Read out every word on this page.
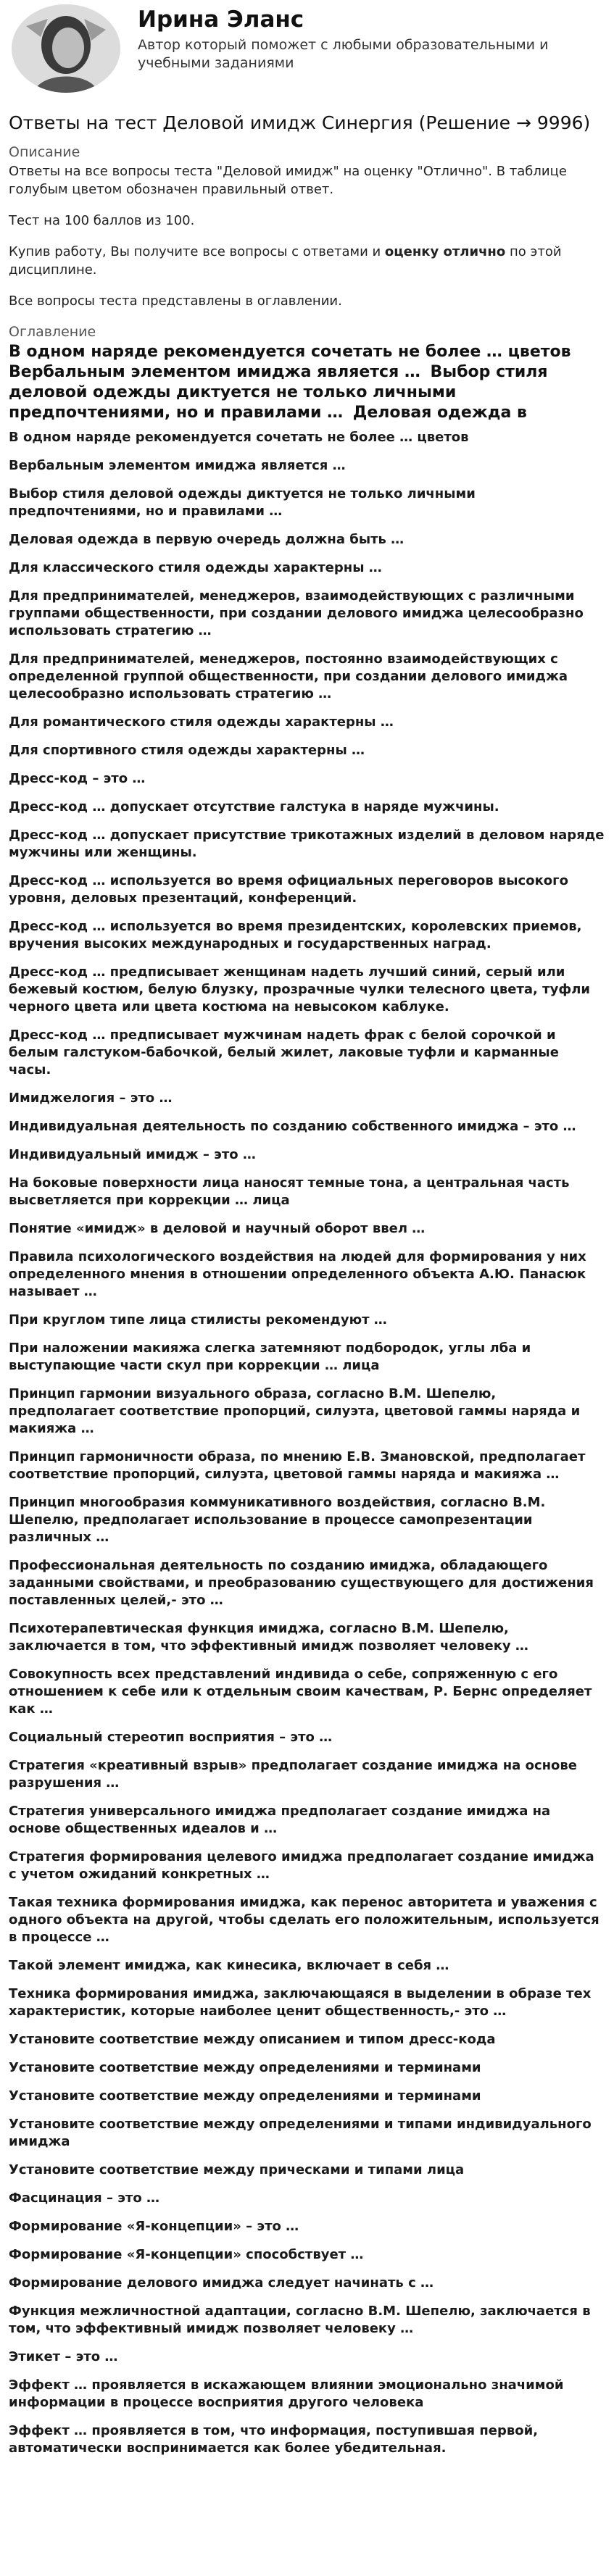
Ирина Эланс
Автор который поможет с любыми образовательными и учебными заданиями
Ответы на тест Деловой имидж Синергия (Решение → 9996)
Описание
Ответы на все вопросы теста "Деловой имидж" на оценку "Отлично". В таблице голубым цветом обозначен правильный ответ.
Тест на 100 баллов из 100.
Купив работу, Вы получите все вопросы с ответами и оценку отлично по этой дисциплине.
Все вопросы теста представлены в оглавлении.
Оглавление
В одном наряде рекомендуется сочетать не более … цветов Вербальным элементом имиджа является … Выбор стиля деловой одежды диктуется не только личными предпочтениями, но и правилами … Деловая одежда в
В одном наряде рекомендуется сочетать не более … цветов
Вербальным элементом имиджа является …
Выбор стиля деловой одежды диктуется не только личными предпочтениями, но и правилами …
Деловая одежда в первую очередь должна быть …
Для классического стиля одежды характерны …
Для предпринимателей, менеджеров, взаимодействующих с различными группами общественности, при создании делового имиджа целесообразно использовать стратегию …
Для предпринимателей, менеджеров, постоянно взаимодействующих с определенной группой общественности, при создании делового имиджа целесообразно использовать стратегию …
Для романтического стиля одежды характерны …
Для спортивного стиля одежды характерны …
Дресс-код – это …
Дресс-код … допускает отсутствие галстука в наряде мужчины.
Дресс-код … допускает присутствие трикотажных изделий в деловом наряде мужчины или женщины.
Дресс-код … используется во время официальных переговоров высокого уровня, деловых презентаций, конференций.
Дресс-код … используется во время президентских, королевских приемов, вручения высоких международных и государственных наград.
Дресс-код … предписывает женщинам надеть лучший синий, серый или бежевый костюм, белую блузку, прозрачные чулки телесного цвета, туфли черного цвета или цвета костюма на невысоком каблуке.
Дресс-код … предписывает мужчинам надеть фрак с белой сорочкой и белым галстуком-бабочкой, белый жилет, лаковые туфли и карманные часы.
Имиджелогия – это …
Индивидуальная деятельность по созданию собственного имиджа – это …
Индивидуальный имидж – это …
На боковые поверхности лица наносят темные тона, а центральная часть высветляется при коррекции … лица
Понятие «имидж» в деловой и научный оборот ввел …
Правила психологического воздействия на людей для формирования у них определенного мнения в отношении определенного объекта А.Ю. Панасюк называет …
При круглом типе лица стилисты рекомендуют …
При наложении макияжа слегка затемняют подбородок, углы лба и выступающие части скул при коррекции … лица
Принцип гармонии визуального образа, согласно В.М. Шепелю, предполагает соответствие пропорций, силуэта, цветовой гаммы наряда и макияжа …
Принцип гармоничности образа, по мнению Е.В. Змановской, предполагает соответствие пропорций, силуэта, цветовой гаммы наряда и макияжа …
Принцип многообразия коммуникативного воздействия, согласно В.М. Шепелю, предполагает использование в процессе самопрезентации различных …
Профессиональная деятельность по созданию имиджа, обладающего заданными свойствами, и преобразованию существующего для достижения поставленных целей,- это …
Психотерапевтическая функция имиджа, согласно В.М. Шепелю, заключается в том, что эффективный имидж позволяет человеку …
Совокупность всех представлений индивида о себе, сопряженную с его отношением к себе или к отдельным своим качествам, Р. Бернс определяет как …
Социальный стереотип восприятия – это …
Стратегия «креативный взрыв» предполагает создание имиджа на основе разрушения …
Стратегия универсального имиджа предполагает создание имиджа на основе общественных идеалов и …
Стратегия формирования целевого имиджа предполагает создание имиджа с учетом ожиданий конкретных …
Такая техника формирования имиджа, как перенос авторитета и уважения с одного объекта на другой, чтобы сделать его положительным, используется в процессе …
Такой элемент имиджа, как кинесика, включает в себя …
Техника формирования имиджа, заключающаяся в выделении в образе тех характеристик, которые наиболее ценит общественность,- это …
Установите соответствие между описанием и типом дресс-кода
Установите соответствие между определениями и терминами
Установите соответствие между определениями и терминами
Установите соответствие между определениями и типами индивидуального имиджа
Установите соответствие между прическами и типами лица
Фасцинация – это …
Формирование «Я-концепции» – это …
Формирование «Я-концепции» способствует …
Формирование делового имиджа следует начинать с …
Функция межличностной адаптации, согласно В.М. Шепелю, заключается в том, что эффективный имидж позволяет человеку …
Этикет – это …
Эффект … проявляется в искажающем влиянии эмоционально значимой информации в процессе восприятия другого человека
Эффект … проявляется в том, что информация, поступившая первой, автоматически воспринимается как более убедительная.
